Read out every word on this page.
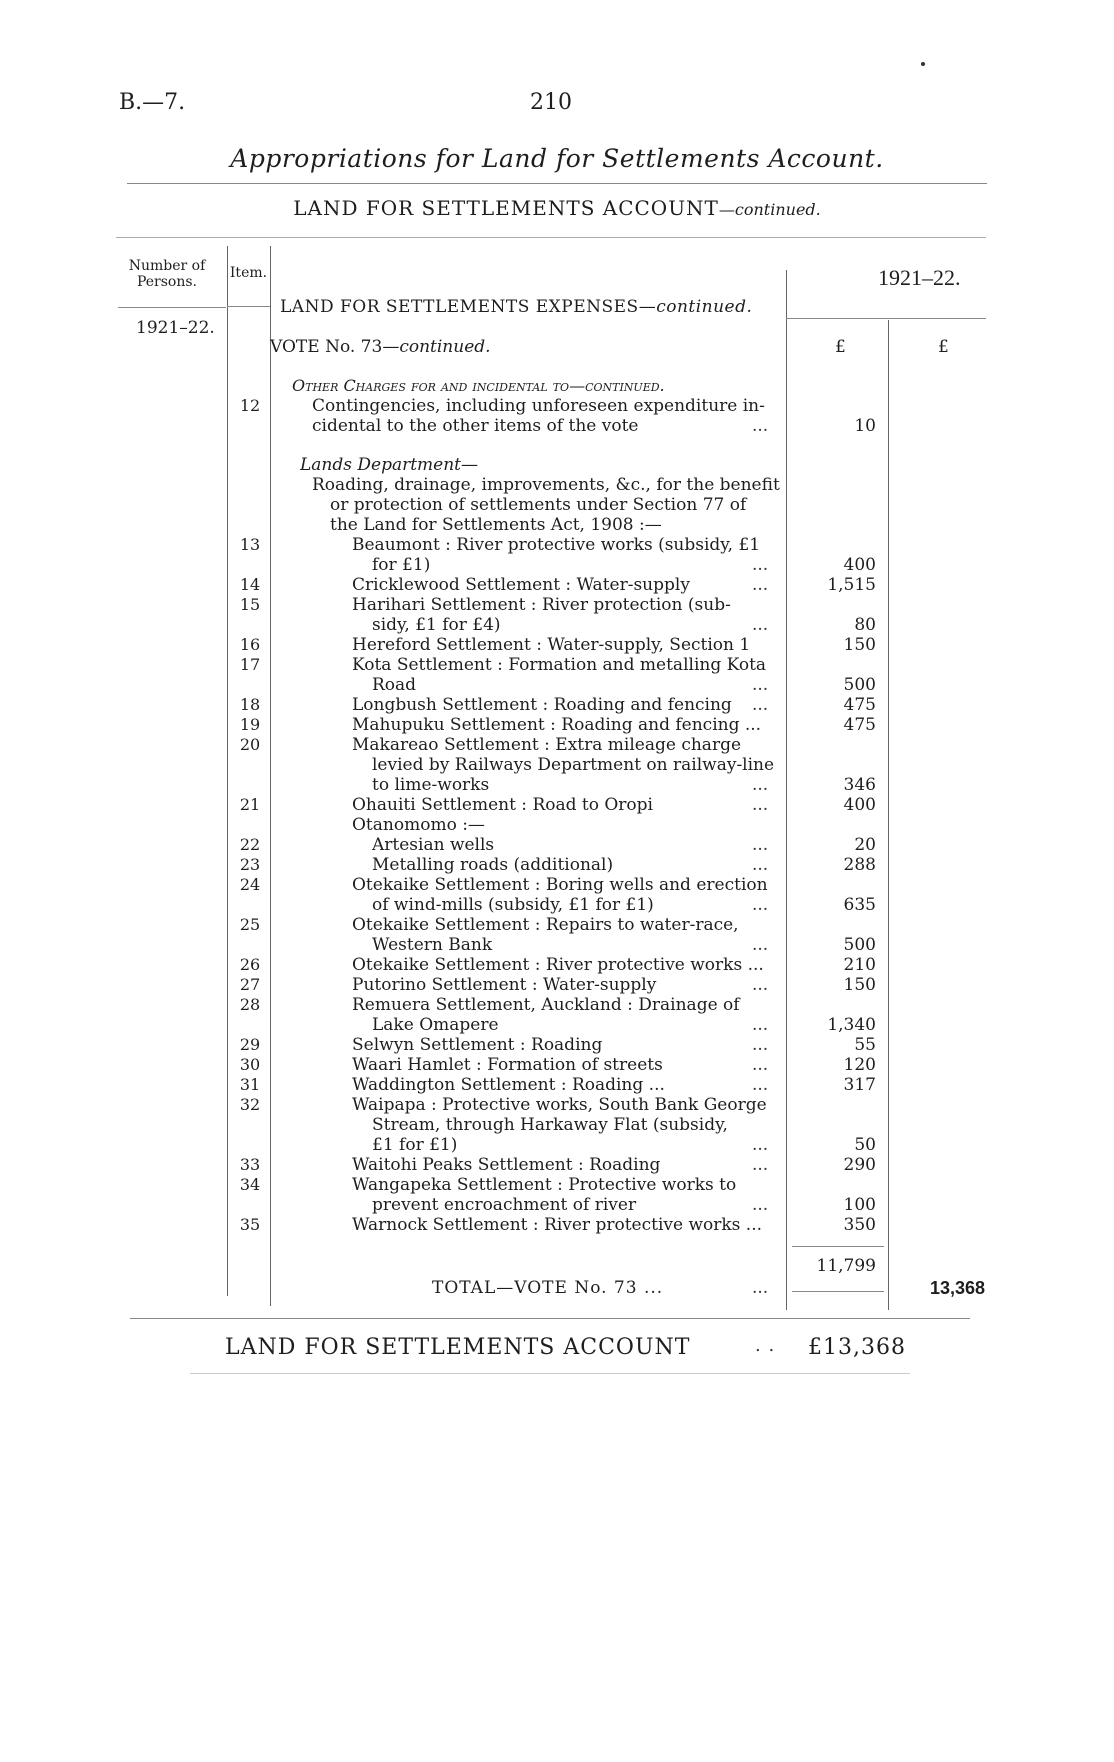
B.—7.	210
Appropriations for Land for Settlements Account.
LAND FOR SETTLEMENTS ACCOUNT—continued.
Number of Persons.
Item.
1921–22.
1921–22.
LAND FOR SETTLEMENTS EXPENSES—continued.
VOTE No. 73—continued.	£	£
Other Charges for and incidental to—continued.
12	Contingencies, including unforeseen expenditure in-
cidental to the other items of the vote	...	10
Lands Department—
Roading, drainage, improvements, &c., for the benefit
or protection of settlements under Section 77 of
the Land for Settlements Act, 1908 :—
13	Beaumont : River protective works (subsidy, £1
for £1)	...	400
14	Cricklewood Settlement : Water-supply	...	1,515
15	Harihari Settlement : River protection (sub-
sidy, £1 for £4)	...	80
16	Hereford Settlement : Water-supply, Section 1	150
17	Kota Settlement : Formation and metalling Kota
Road	...	500
18	Longbush Settlement : Roading and fencing ...	475
19	Mahupuku Settlement : Roading and fencing ...	475
20	Makareao Settlement : Extra mileage charge
levied by Railways Department on railway-line
to lime-works	...	346
21	Ohauiti Settlement : Road to Oropi	...	400
Otanomomo :—
22	Artesian wells	...	20
23	Metalling roads (additional)	...	288
24	Otekaike Settlement : Boring wells and erection
of wind-mills (subsidy, £1 for £1)	...	635
25	Otekaike Settlement : Repairs to water-race,
Western Bank	...	500
26	Otekaike Settlement : River protective works ...	210
27	Putorino Settlement : Water-supply	...	150
28	Remuera Settlement, Auckland : Drainage of
Lake Omapere	...	1,340
29	Selwyn Settlement : Roading	...	55
30	Waari Hamlet : Formation of streets	...	120
31	Waddington Settlement : Roading ...	...	317
32	Waipapa : Protective works, South Bank George
Stream, through Harkaway Flat (subsidy,
£1 for £1)	...	50
33	Waitohi Peaks Settlement : Roading	...	290
34	Wangapeka Settlement : Protective works to
prevent encroachment of river	...	100
35	Warnock Settlement : River protective works ...	350
11,799
TOTAL—VOTE No. 73 ...	...	13,368
LAND FOR SETTLEMENTS ACCOUNT	. . £13,368
